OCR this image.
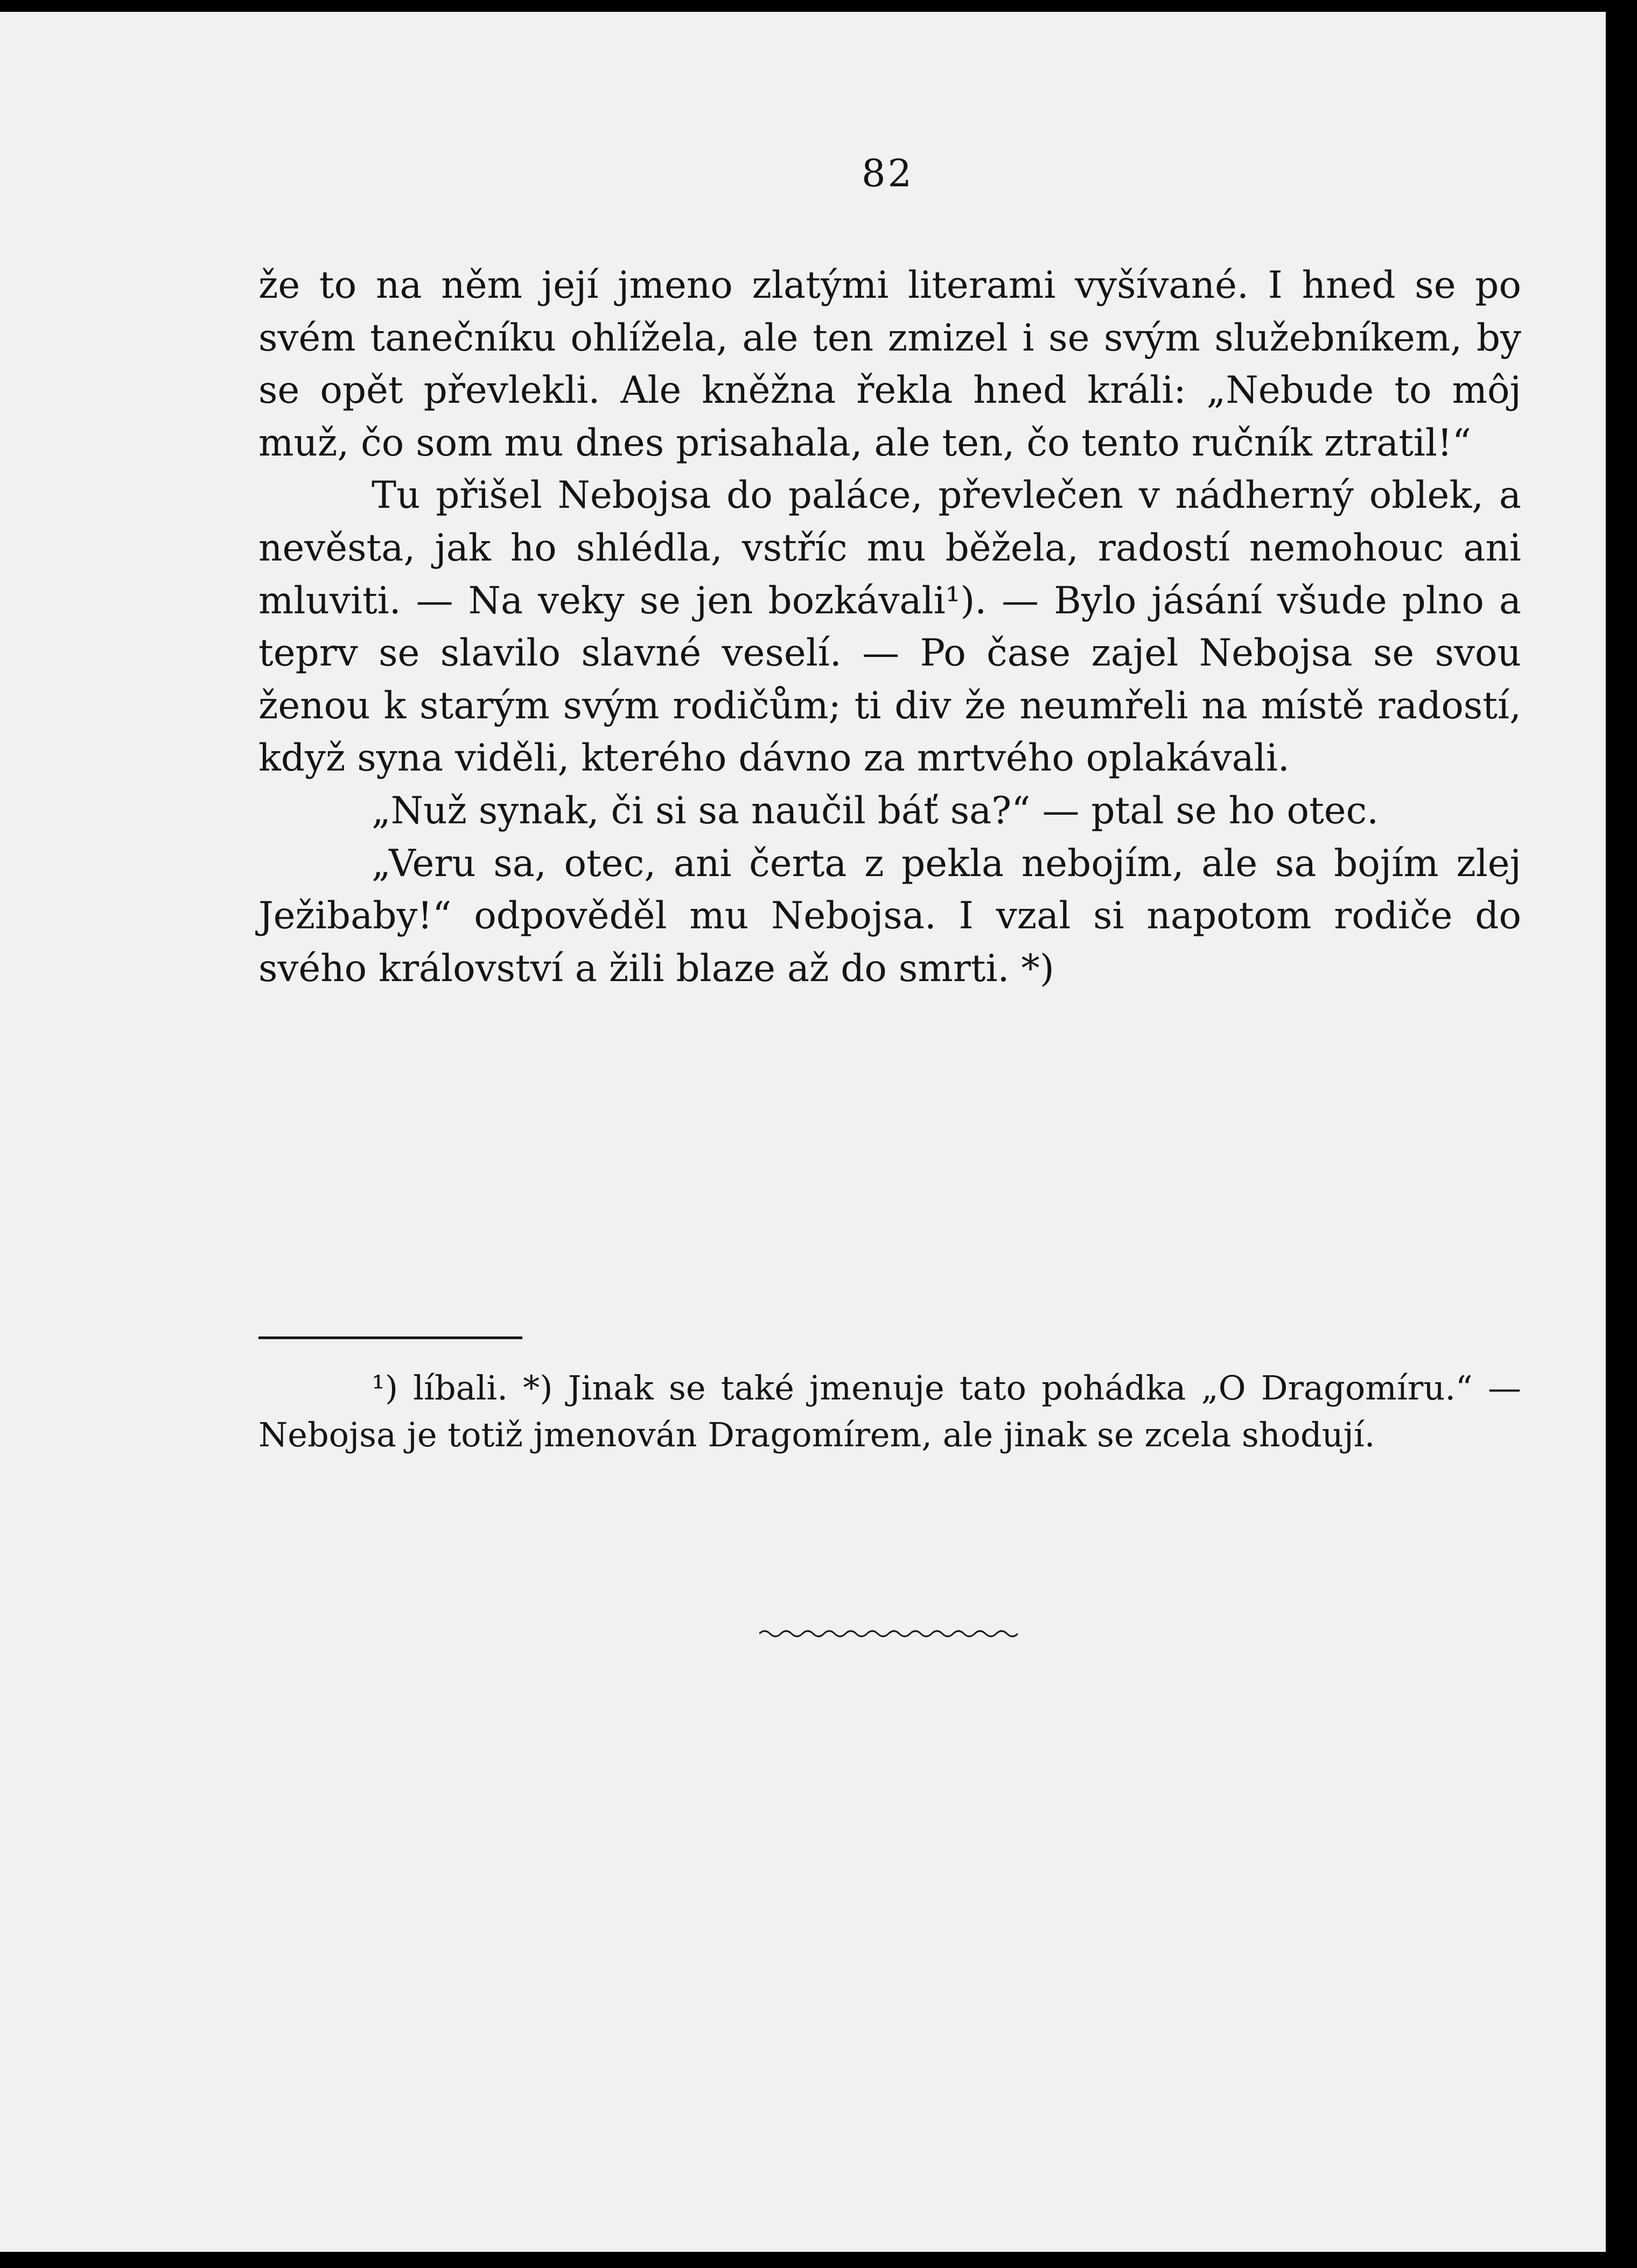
82

že to na něm její jmeno zlatými literami vyšívané. I hned se po svém tanečníku ohlížela, ale ten zmizel i se svým služebníkem, by se opět převlekli. Ale kněžna řekla hned králi: „Nebude to môj muž, čo som mu dnes prisahala, ale ten, čo tento ručník ztratil!“

Tu přišel Nebojsa do paláce, převlečen v nádherný oblek, a nevěsta, jak ho shlédla, vstříc mu běžela, radostí nemohouc ani mluviti. — Na veky se jen bozkávali¹). — Bylo jásání všude plno a teprv se slavilo slavné veselí. — Po čase zajel Nebojsa se svou ženou k starým svým rodičům; ti div že neumřeli na místě radostí, když syna viděli, kterého dávno za mrtvého oplakávali.

„Nuž synak, či si sa naučil báť sa?“ — ptal se ho otec.

„Veru sa, otec, ani čerta z pekla nebojím, ale sa bojím zlej Ježibaby!“ odpověděl mu Nebojsa. I vzal si napotom rodiče do svého království a žili blaze až do smrti. *)

¹) líbali. *) Jinak se také jmenuje tato pohádka „O Dragomíru.“ — Nebojsa je totiž jmenován Dragomírem, ale jinak se zcela shodují.
